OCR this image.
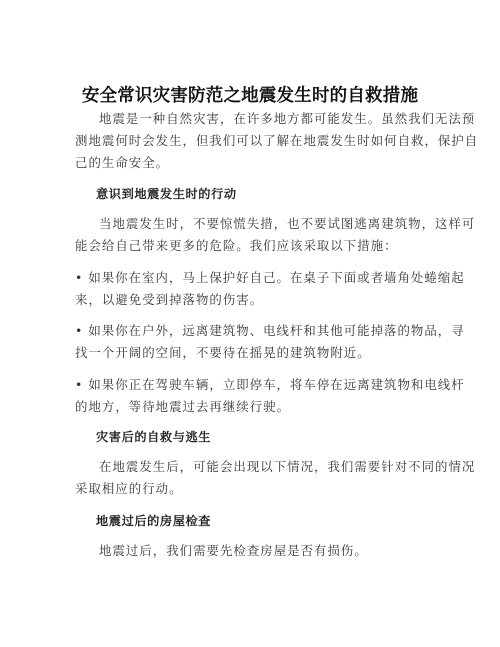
安全常识灾害防范之地震发生时的自救措施
地震是一种自然灾害，在许多地方都可能发生。虽然我们无法预
测地震何时会发生，但我们可以了解在地震发生时如何自救，保护自
己的生命安全。
意识到地震发生时的行动
当地震发生时，不要惊慌失措，也不要试图逃离建筑物，这样可
能会给自己带来更多的危险。我们应该采取以下措施：
• 如果你在室内，马上保护好自己。在桌子下面或者墙角处蜷缩起
来，以避免受到掉落物的伤害。
• 如果你在户外，远离建筑物、电线杆和其他可能掉落的物品，寻
找一个开阔的空间，不要待在摇晃的建筑物附近。
• 如果你正在驾驶车辆，立即停车，将车停在远离建筑物和电线杆
的地方，等待地震过去再继续行驶。
灾害后的自救与逃生
在地震发生后，可能会出现以下情况，我们需要针对不同的情况
采取相应的行动。
地震过后的房屋检查
地震过后，我们需要先检查房屋是否有损伤。
